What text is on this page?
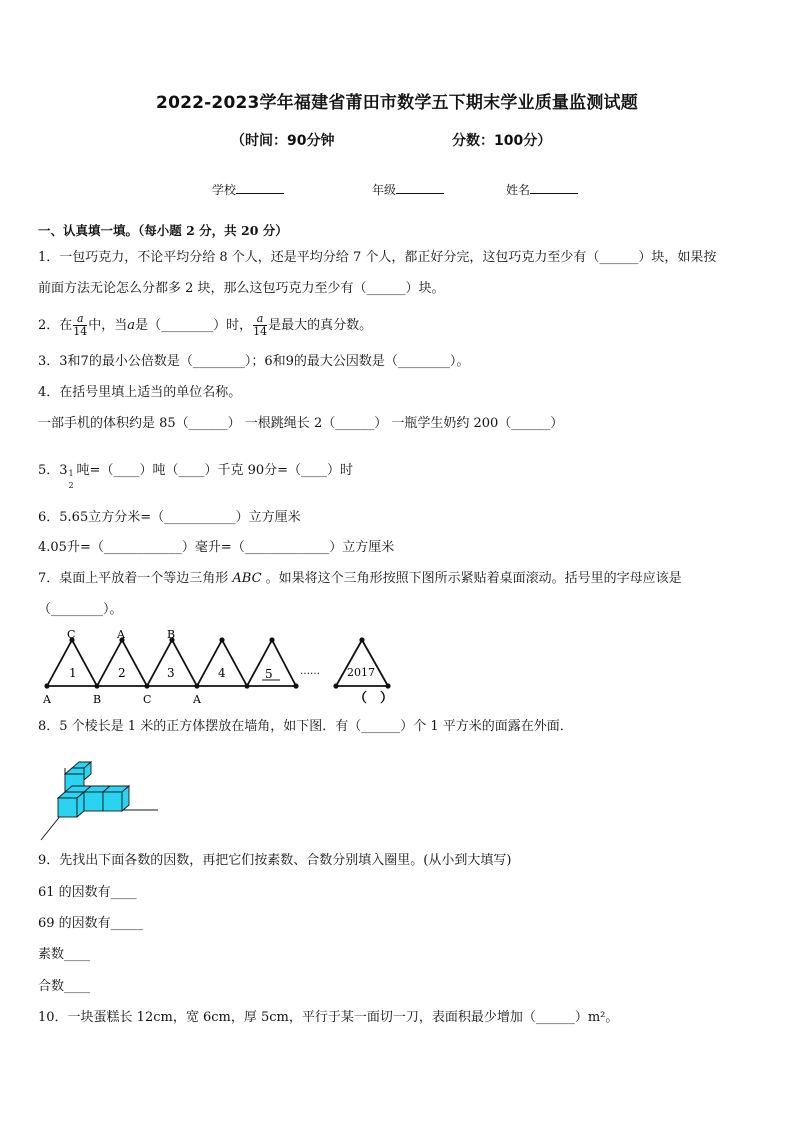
2022-2023学年福建省莆田市数学五下期末学业质量监测试题
（时间：90分钟	分数：100分）
学校	年级	姓名
一、认真填一填。（每小题 2 分，共 20 分）
1．一包巧克力，不论平均分给 8 个人，还是平均分给 7 个人，都正好分完，这包巧克力至少有（______）块，如果按
前面方法无论怎么分都多 2 块，那么这包巧克力至少有（______）块。
2．在 $\frac{a}{14}$ 中，当a是（________）时， $\frac{a}{14}$ 是最大的真分数。
3．3和7的最小公倍数是（________）；6和9的最大公因数是（________）。
4．在括号里填上适当的单位名称。
一部手机的体积约是 85（______） 一根跳绳长 2（______） 一瓶学生奶约 200（______）
5．3 1
2
吨=（____）吨（____）千克 90分=（____）时
6．5.65立方分米=（___________）立方厘米
4.05升=（____________）毫升=（_____________）立方厘米
7．桌面上平放着一个等边三角形 ABC 。如果将这个三角形按照下图所示紧贴着桌面滚动。括号里的字母应该是
（________）。
C	A	B
A	B	C	A
1	2	3	4	5	…… 2017
（　）
8．5 个棱长是 1 米的正方体摆放在墙角，如下图．有（______）个 1 平方米的面露在外面．
9．先找出下面各数的因数，再把它们按素数、合数分别填入圈里。(从小到大填写)
61 的因数有____
69 的因数有_____
素数____
合数____
10．一块蛋糕长 12cm，宽 6cm，厚 5cm，平行于某一面切一刀，表面积最少增加（______）m²。
